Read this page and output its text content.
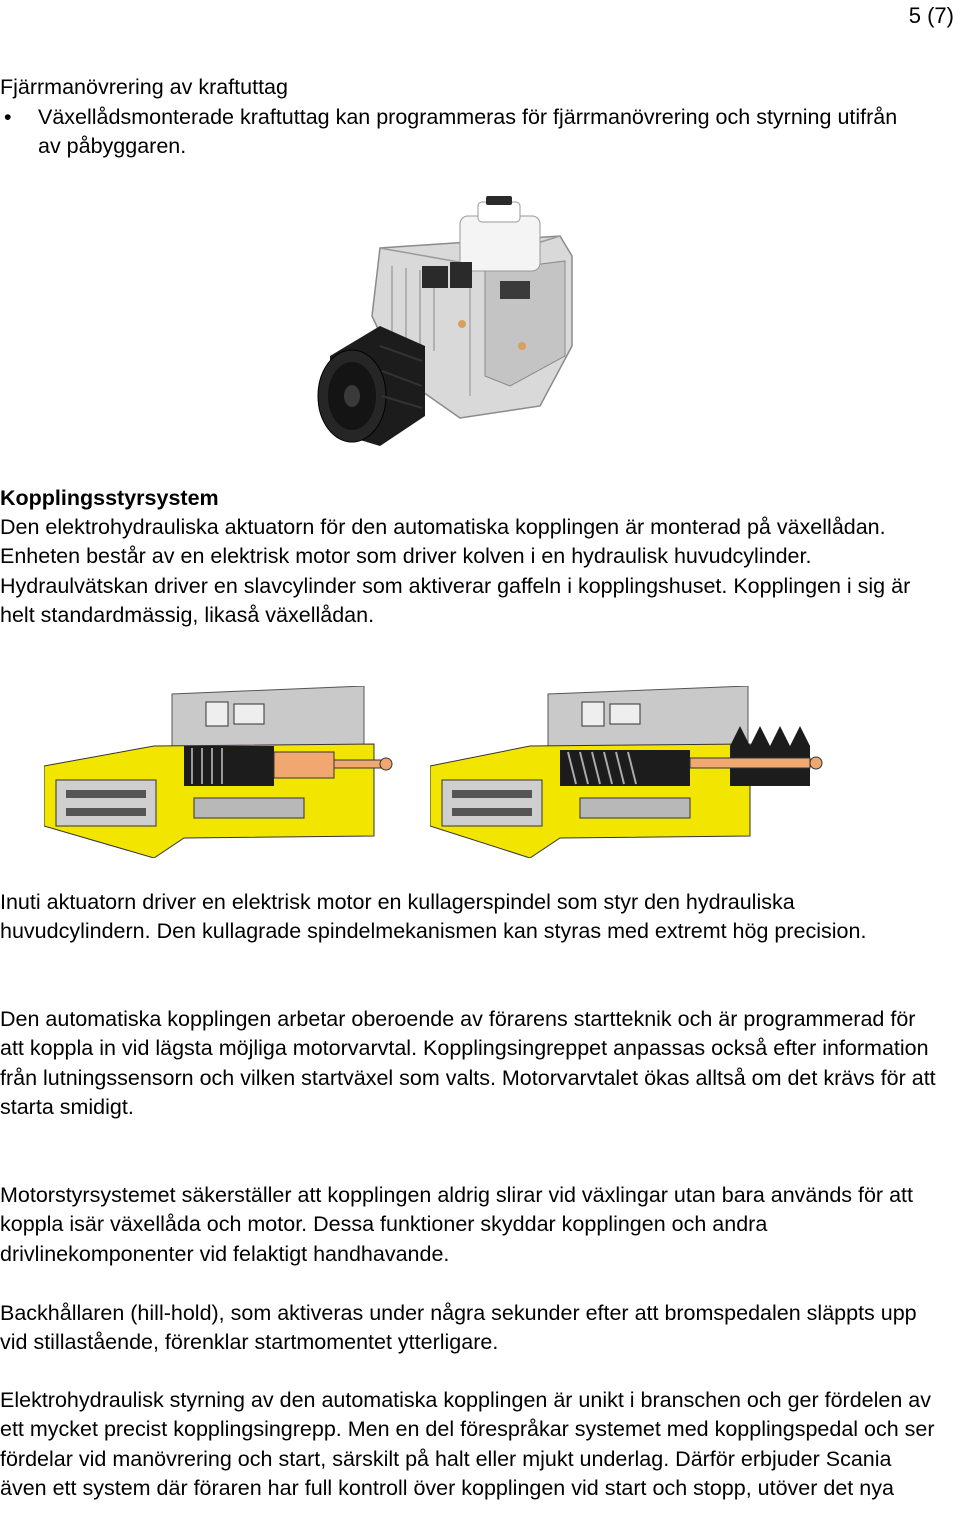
5 (7)
Fjärrmanövrering av kraftuttag
• Växellådsmonterade kraftuttag kan programmeras för fjärrmanövrering och styrning utifrån av påbyggaren.
Kopplingsstyrsystem
Den elektrohydrauliska aktuatorn för den automatiska kopplingen är monterad på växellådan. Enheten består av en elektrisk motor som driver kolven i en hydraulisk huvudcylinder. Hydraulvätskan driver en slavcylinder som aktiverar gaffeln i kopplingshuset. Kopplingen i sig är helt standardmässig, likaså växellådan.
Inuti aktuatorn driver en elektrisk motor en kullagerspindel som styr den hydrauliska huvudcylindern. Den kullagrade spindelmekanismen kan styras med extremt hög precision.
Den automatiska kopplingen arbetar oberoende av förarens startteknik och är programmerad för att koppla in vid lägsta möjliga motorvarvtal. Kopplingsingreppet anpassas också efter information från lutningssensorn och vilken startväxel som valts. Motorvarvtalet ökas alltså om det krävs för att starta smidigt.
Motorstyrsystemet säkerställer att kopplingen aldrig slirar vid växlingar utan bara används för att koppla isär växellåda och motor. Dessa funktioner skyddar kopplingen och andra drivlinekomponenter vid felaktigt handhavande.
Backhållaren (hill-hold), som aktiveras under några sekunder efter att bromspedalen släppts upp vid stillastående, förenklar startmomentet ytterligare.
Elektrohydraulisk styrning av den automatiska kopplingen är unikt i branschen och ger fördelen av ett mycket precist kopplingsingrepp. Men en del förespråkar systemet med kopplingspedal och ser fördelar vid manövrering och start, särskilt på halt eller mjukt underlag. Därför erbjuder Scania även ett system där föraren har full kontroll över kopplingen vid start och stopp, utöver det nya
